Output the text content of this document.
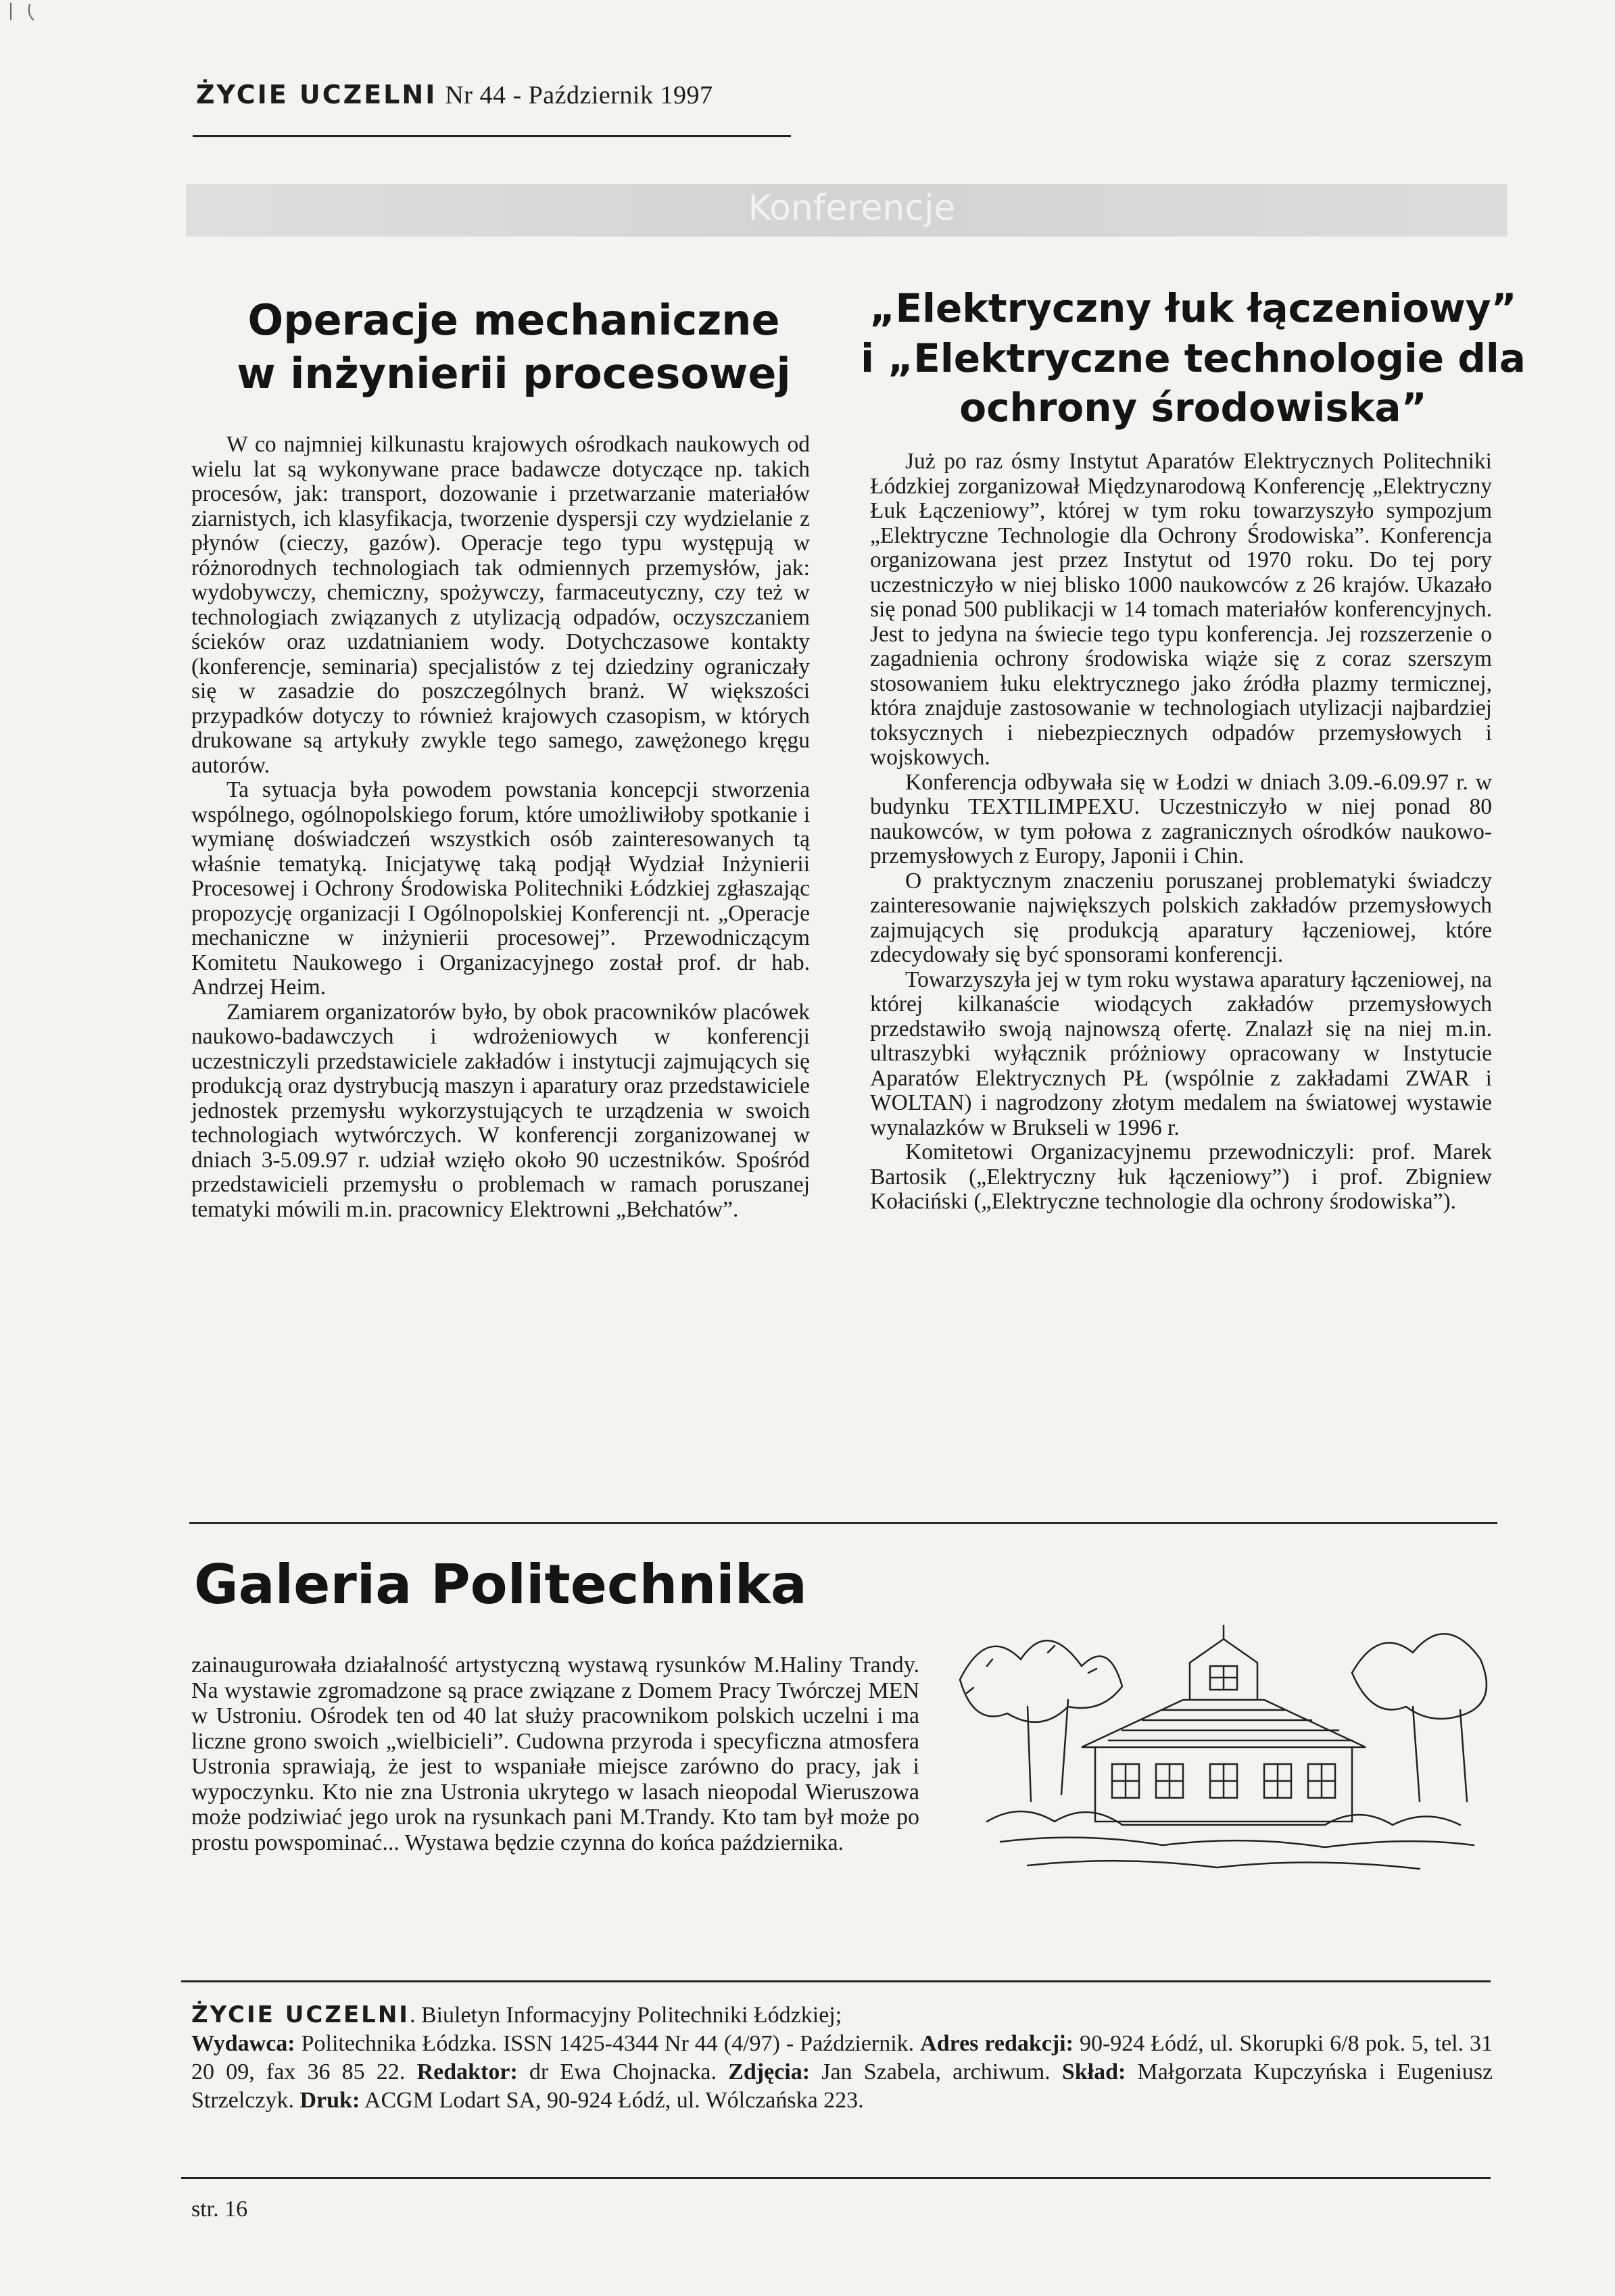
ŻYCIE UCZELNI Nr 44 - Październik 1997
Konferencje
Operacje mechaniczne
w inżynierii procesowej

W co najmniej kilkunastu krajowych ośrodkach naukowych od wielu lat są wykonywane prace badawcze dotyczące np. takich procesów, jak: transport, dozowanie i przetwarzanie materiałów ziarnistych, ich klasyfikacja, tworzenie dyspersji czy wydzielanie z płynów (cieczy, gazów). Operacje tego typu występują w różnorodnych technologiach tak odmiennych przemysłów, jak: wydobywczy, chemiczny, spożywczy, farmaceutyczny, czy też w technologiach związanych z utylizacją odpadów, oczyszczaniem ścieków oraz uzdatnianiem wody. Dotychczasowe kontakty (konferencje, seminaria) specjalistów z tej dziedziny ograniczały się w zasadzie do poszczególnych branż. W większości przypadków dotyczy to również krajowych czasopism, w których drukowane są artykuły zwykle tego samego, zawężonego kręgu autorów.

Ta sytuacja była powodem powstania koncepcji stworzenia wspólnego, ogólnopolskiego forum, które umożliwiłoby spotkanie i wymianę doświadczeń wszystkich osób zainteresowanych tą właśnie tematyką. Inicjatywę taką podjął Wydział Inżynierii Procesowej i Ochrony Środowiska Politechniki Łódzkiej zgłaszając propozycję organizacji I Ogólnopolskiej Konferencji nt. „Operacje mechaniczne w inżynierii procesowej”. Przewodniczącym Komitetu Naukowego i Organizacyjnego został prof. dr hab. Andrzej Heim.

Zamiarem organizatorów było, by obok pracowników placówek naukowo-badawczych i wdrożeniowych w konferencji uczestniczyli przedstawiciele zakładów i instytucji zajmujących się produkcją oraz dystrybucją maszyn i aparatury oraz przedstawiciele jednostek przemysłu wykorzystujących te urządzenia w swoich technologiach wytwórczych. W konferencji zorganizowanej w dniach 3-5.09.97 r. udział wzięło około 90 uczestników. Spośród przedstawicieli przemysłu o problemach w ramach poruszanej tematyki mówili m.in. pracownicy Elektrowni „Bełchatów”.

„Elektryczny łuk łączeniowy”
i „Elektryczne technologie dla
ochrony środowiska”

Już po raz ósmy Instytut Aparatów Elektrycznych Politechniki Łódzkiej zorganizował Międzynarodową Konferencję „Elektryczny Łuk Łączeniowy”, której w tym roku towarzyszyło sympozjum „Elektryczne Technologie dla Ochrony Środowiska”. Konferencja organizowana jest przez Instytut od 1970 roku. Do tej pory uczestniczyło w niej blisko 1000 naukowców z 26 krajów. Ukazało się ponad 500 publikacji w 14 tomach materiałów konferencyjnych. Jest to jedyna na świecie tego typu konferencja. Jej rozszerzenie o zagadnienia ochrony środowiska wiąże się z coraz szerszym stosowaniem łuku elektrycznego jako źródła plazmy termicznej, która znajduje zastosowanie w technologiach utylizacji najbardziej toksycznych i niebezpiecznych odpadów przemysłowych i wojskowych.

Konferencja odbywała się w Łodzi w dniach 3.09.-6.09.97 r. w budynku TEXTILIMPEXU. Uczestniczyło w niej ponad 80 naukowców, w tym połowa z zagranicznych ośrodków naukowo-przemysłowych z Europy, Japonii i Chin.

O praktycznym znaczeniu poruszanej problematyki świadczy zainteresowanie największych polskich zakładów przemysłowych zajmujących się produkcją aparatury łączeniowej, które zdecydowały się być sponsorami konferencji.

Towarzyszyła jej w tym roku wystawa aparatury łączeniowej, na której kilkanaście wiodących zakładów przemysłowych przedstawiło swoją najnowszą ofertę. Znalazł się na niej m.in. ultraszybki wyłącznik próżniowy opracowany w Instytucie Aparatów Elektrycznych PŁ (wspólnie z zakładami ZWAR i WOLTAN) i nagrodzony złotym medalem na światowej wystawie wynalazków w Brukseli w 1996 r.

Komitetowi Organizacyjnemu przewodniczyli: prof. Marek Bartosik („Elektryczny łuk łączeniowy”) i prof. Zbigniew Kołaciński („Elektryczne technologie dla ochrony środowiska”).

Galeria Politechnika
zainaugurowała działalność artystyczną wystawą rysunków M.Haliny Trandy. Na wystawie zgromadzone są prace związane z Domem Pracy Twórczej MEN w Ustroniu. Ośrodek ten od 40 lat służy pracownikom polskich uczelni i ma liczne grono swoich „wielbicieli”. Cudowna przyroda i specyficzna atmosfera Ustronia sprawiają, że jest to wspaniałe miejsce zarówno do pracy, jak i wypoczynku. Kto nie zna Ustronia ukrytego w lasach nieopodal Wieruszowa może podziwiać jego urok na rysunkach pani M.Trandy. Kto tam był może po prostu powspominać... Wystawa będzie czynna do końca października.
ŻYCIE UCZELNI. Biuletyn Informacyjny Politechniki Łódzkiej;
Wydawca: Politechnika Łódzka. ISSN 1425-4344 Nr 44 (4/97) - Październik. Adres redakcji: 90-924 Łódź, ul. Skorupki 6/8 pok. 5, tel. 31 20 09, fax 36 85 22. Redaktor: dr Ewa Chojnacka. Zdjęcia: Jan Szabela, archiwum. Skład: Małgorzata Kupczyńska i Eugeniusz Strzelczyk. Druk: ACGM Lodart SA, 90-924 Łódź, ul. Wólczańska 223.
str. 16
